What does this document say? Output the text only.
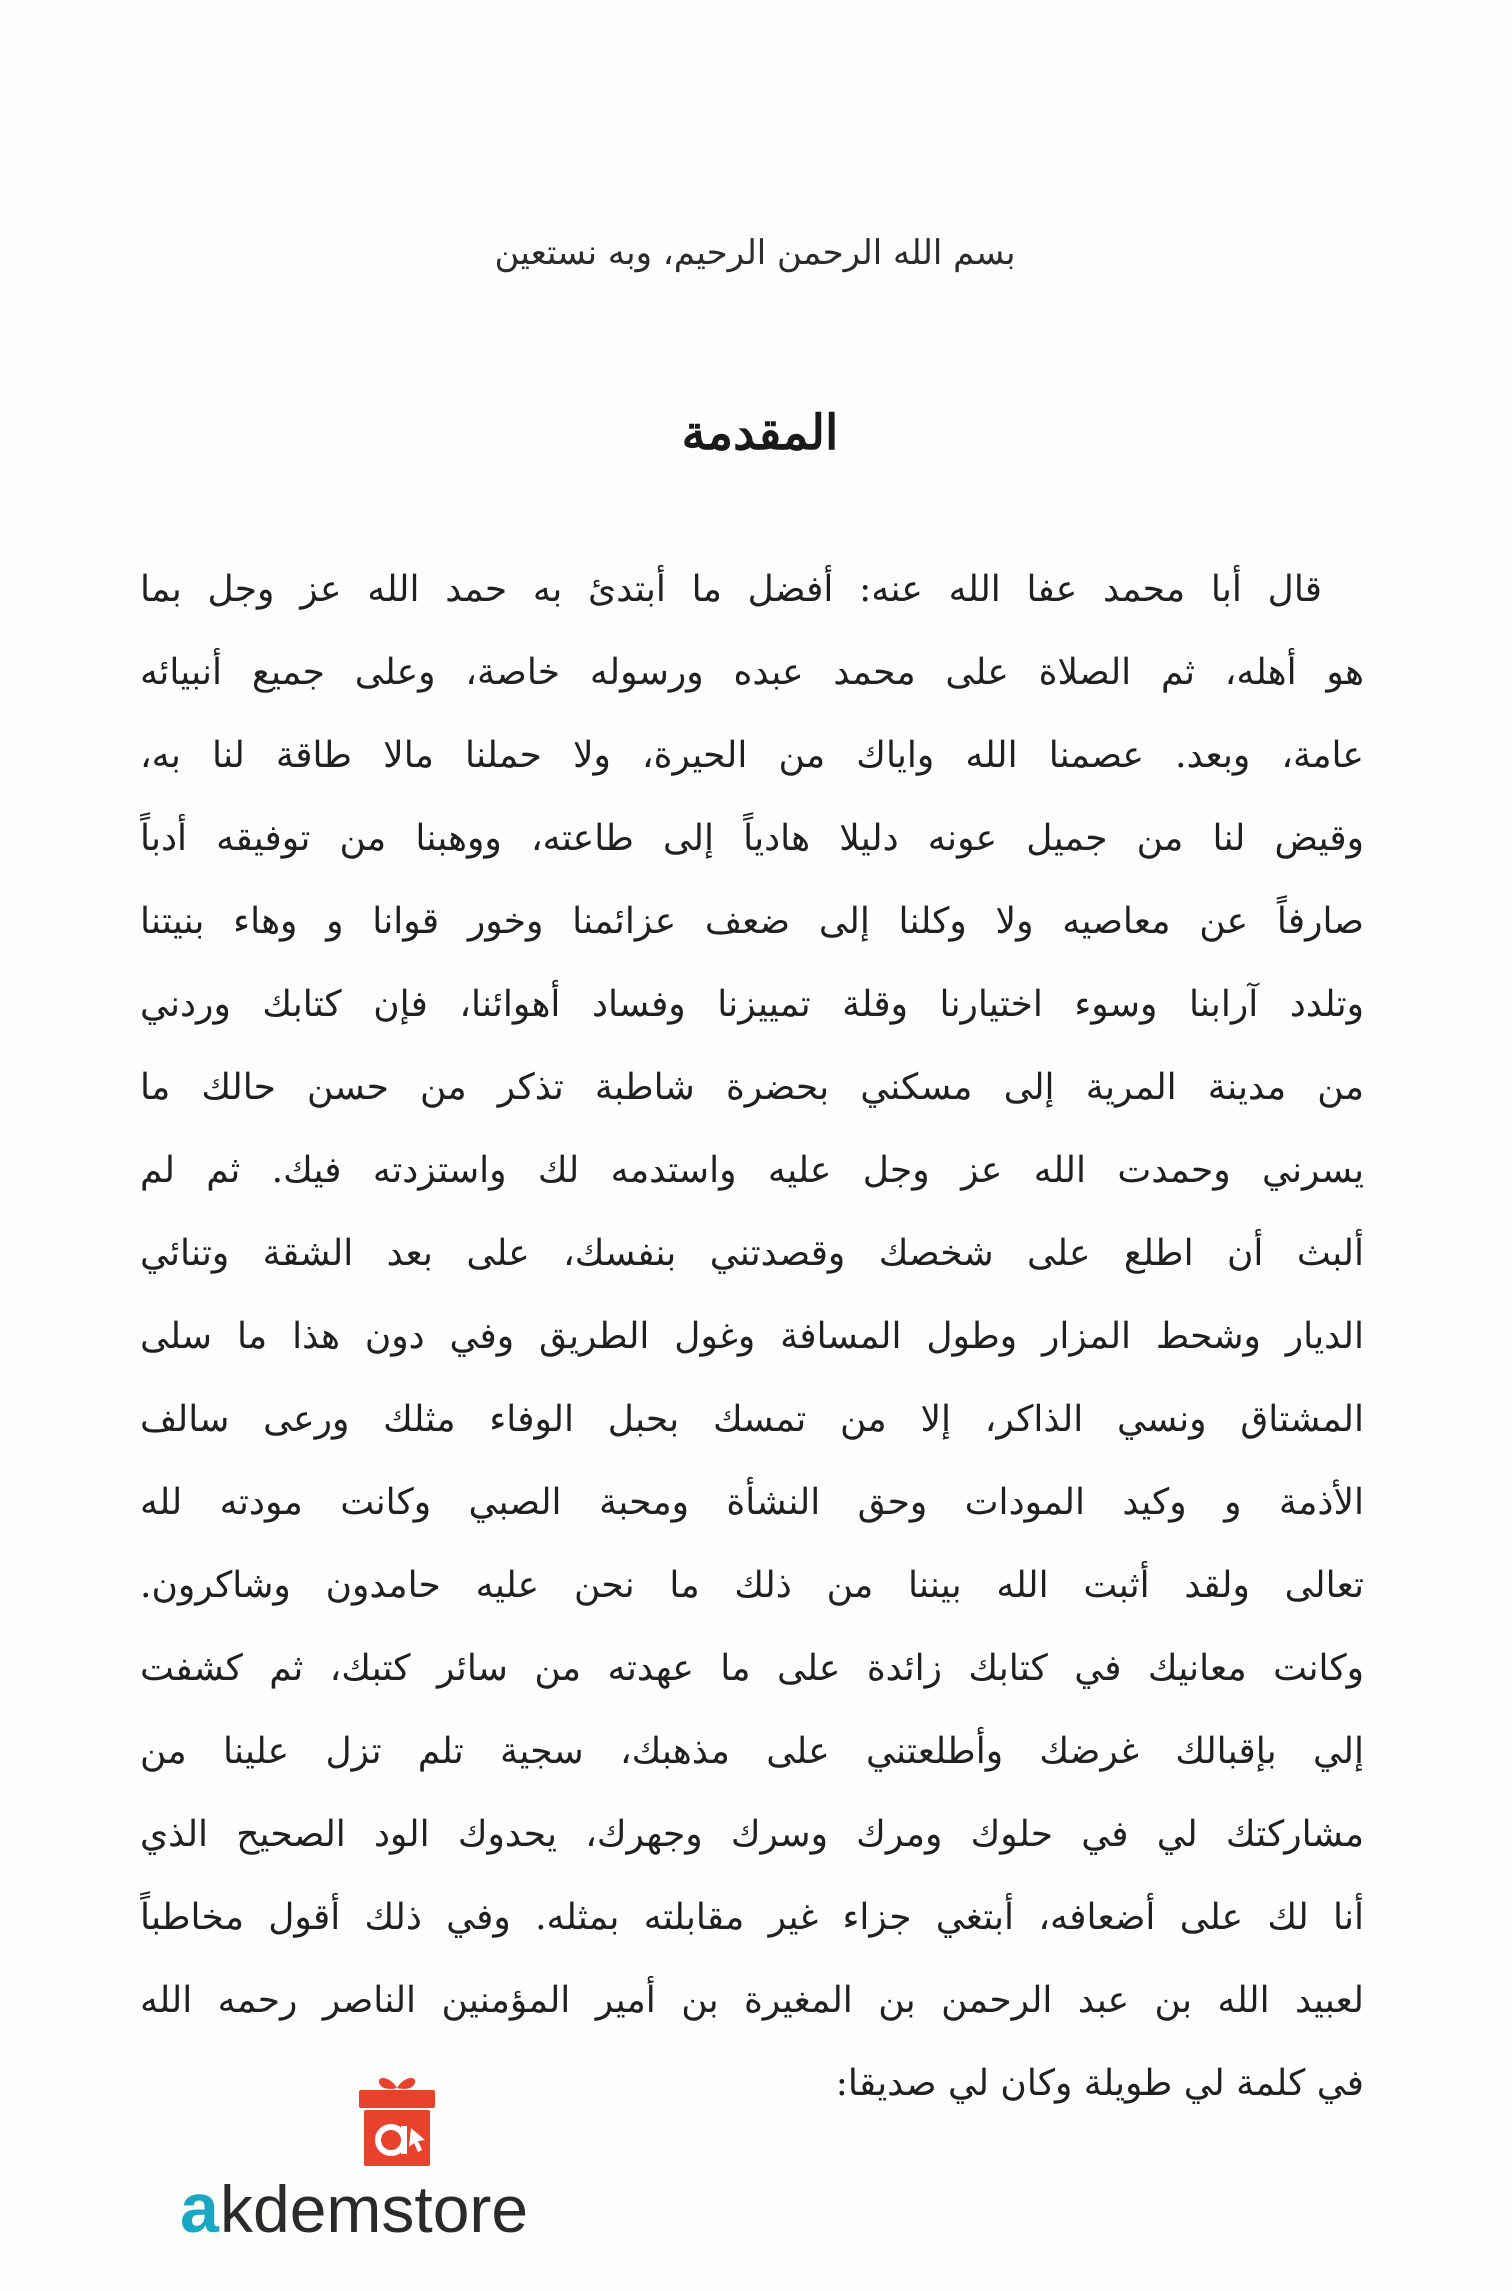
بسم الله الرحمن الرحيم، وبه نستعين
المقدمة
قال أبا محمد عفا الله عنه: أفضل ما أبتدئ به حمد الله عز وجل بما
هو أهله، ثم الصلاة على محمد عبده ورسوله خاصة، وعلى جميع أنبيائه
عامة، وبعد. عصمنا الله واياك من الحيرة، ولا حملنا مالا طاقة لنا به،
وقيض لنا من جميل عونه دليلا هادياً إلى طاعته، ووهبنا من توفيقه أدباً
صارفاً عن معاصيه ولا وكلنا إلى ضعف عزائمنا وخور قوانا و وهاء بنيتنا
وتلدد آرابنا وسوء اختيارنا وقلة تمييزنا وفساد أهوائنا، فإن كتابك وردني
من مدينة المرية إلى مسكني بحضرة شاطبة تذكر من حسن حالك ما
يسرني وحمدت الله عز وجل عليه واستدمه لك واستزدته فيك. ثم لم
ألبث أن اطلع على شخصك وقصدتني بنفسك، على بعد الشقة وتنائي
الديار وشحط المزار وطول المسافة وغول الطريق وفي دون هذا ما سلى
المشتاق ونسي الذاكر، إلا من تمسك بحبل الوفاء مثلك ورعى سالف
الأذمة و وكيد المودات وحق النشأة ومحبة الصبي وكانت مودته لله
تعالى ولقد أثبت الله بيننا من ذلك ما نحن عليه حامدون وشاكرون.
وكانت معانيك في كتابك زائدة على ما عهدته من سائر كتبك، ثم كشفت
إلي بإقبالك غرضك وأطلعتني على مذهبك، سجية تلم تزل علينا من
مشاركتك لي في حلوك ومرك وسرك وجهرك، يحدوك الود الصحيح الذي
أنا لك على أضعافه، أبتغي جزاء غير مقابلته بمثله. وفي ذلك أقول مخاطباً
لعبيد الله بن عبد الرحمن بن المغيرة بن أمير المؤمنين الناصر رحمه الله
في كلمة لي طويلة وكان لي صديقا:
a kdemstore
